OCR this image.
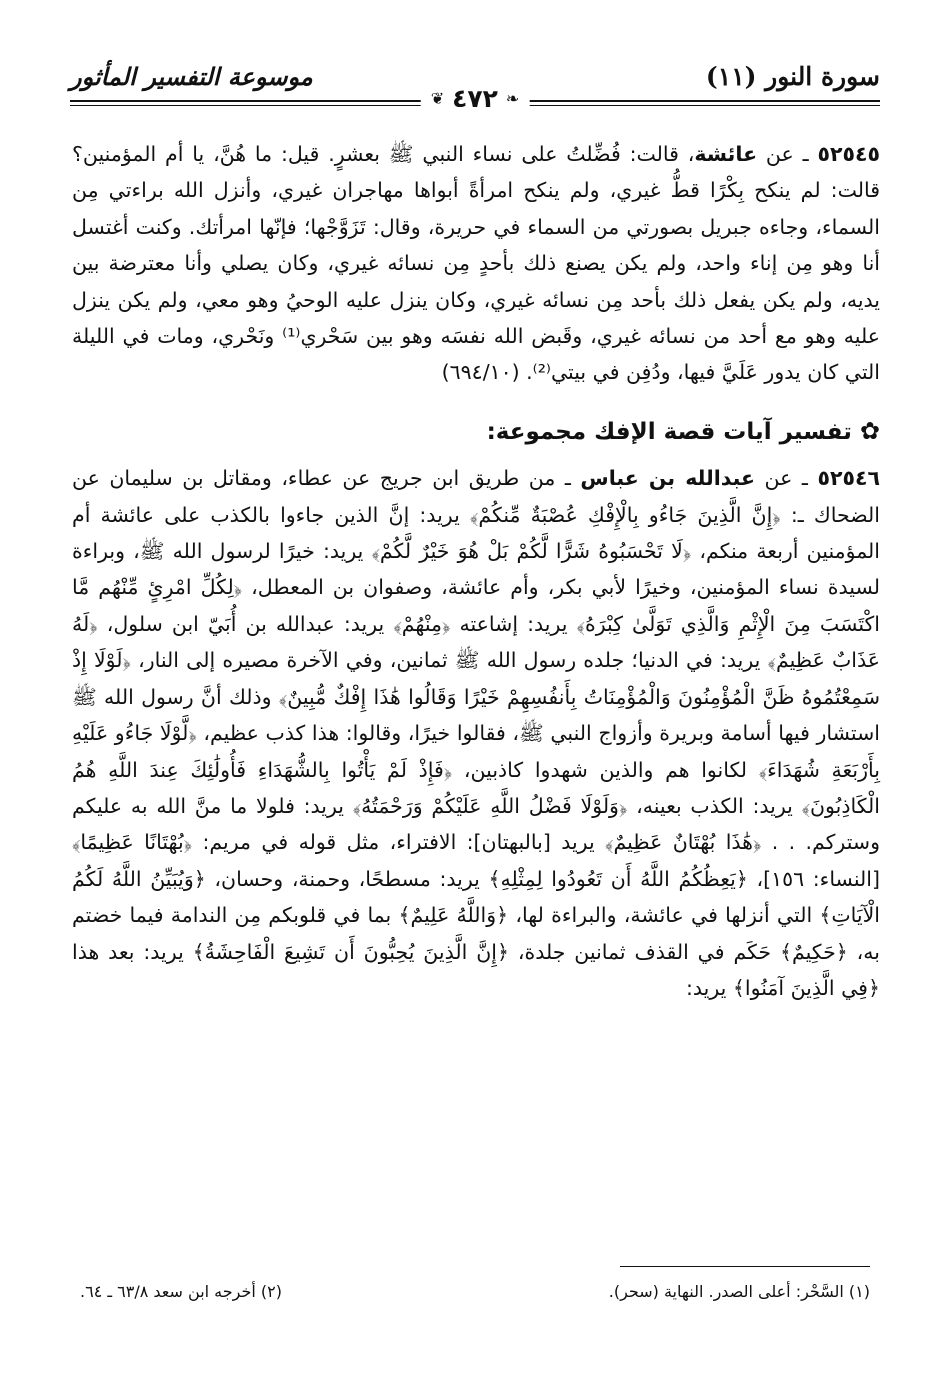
سورة النور (١١)
موسوعة التفسير المأثور
❦ ٤٧٢ ❧

٥٢٥٤٥ ـ عن عائشة، قالت: فُضِّلتُ على نساء النبي ﷺ بعشرٍ. قيل: ما هُنَّ، يا أم المؤمنين؟ قالت: لم ينكح بِكْرًا قطُّ غيري، ولم ينكح امرأةً أبواها مهاجران غيري، وأنزل الله براءتي مِن السماء، وجاءه جبريل بصورتي من السماء في حريرة، وقال: تَزَوَّجْها؛ فإنّها امرأتك. وكنت أغتسل أنا وهو مِن إناء واحد، ولم يكن يصنع ذلك بأحدٍ مِن نسائه غيري، وكان يصلي وأنا معترضة بين يديه، ولم يكن يفعل ذلك بأحد مِن نسائه غيري، وكان ينزل عليه الوحيُ وهو معي، ولم يكن ينزل عليه وهو مع أحد من نسائه غيري، وقَبض الله نفسَه وهو بين سَحْري⁽¹⁾ ونَحْري، ومات في الليلة التي كان يدور عَلَيَّ فيها، ودُفِن في بيتي⁽²⁾. (٦٩٤/١٠)

✿ تفسير آيات قصة الإفك مجموعة:

٥٢٥٤٦ ـ عن عبدالله بن عباس ـ من طريق ابن جريج عن عطاء، ومقاتل بن سليمان عن الضحاك ـ: ﴿إِنَّ الَّذِينَ جَاءُو بِالْإِفْكِ عُصْبَةٌ مِّنكُمْ﴾ يريد: إنَّ الذين جاءوا بالكذب على عائشة أم المؤمنين أربعة منكم، ﴿لَا تَحْسَبُوهُ شَرًّا لَّكُمْ بَلْ هُوَ خَيْرٌ لَّكُمْ﴾ يريد: خيرًا لرسول الله ﷺ، وبراءة لسيدة نساء المؤمنين، وخيرًا لأبي بكر، وأم عائشة، وصفوان بن المعطل، ﴿لِكُلِّ امْرِئٍ مِّنْهُم مَّا اكْتَسَبَ مِنَ الْإِثْمِ وَالَّذِي تَوَلَّىٰ كِبْرَهُ﴾ يريد: إشاعته ﴿مِنْهُمْ﴾ يريد: عبدالله بن أُبَيّ ابن سلول، ﴿لَهُ عَذَابٌ عَظِيمٌ﴾ يريد: في الدنيا؛ جلده رسول الله ﷺ ثمانين، وفي الآخرة مصيره إلى النار، ﴿لَوْلَا إِذْ سَمِعْتُمُوهُ ظَنَّ الْمُؤْمِنُونَ وَالْمُؤْمِنَاتُ بِأَنفُسِهِمْ خَيْرًا وَقَالُوا هَٰذَا إِفْكٌ مُّبِينٌ﴾ وذلك أنَّ رسول الله ﷺ استشار فيها أسامة وبريرة وأزواج النبي ﷺ، فقالوا خيرًا، وقالوا: هذا كذب عظيم، ﴿لَّوْلَا جَاءُو عَلَيْهِ بِأَرْبَعَةِ شُهَدَاءَ﴾ لكانوا هم والذين شهدوا كاذبين، ﴿فَإِذْ لَمْ يَأْتُوا بِالشُّهَدَاءِ فَأُولَٰئِكَ عِندَ اللَّهِ هُمُ الْكَاذِبُونَ﴾ يريد: الكذب بعينه، ﴿وَلَوْلَا فَضْلُ اللَّهِ عَلَيْكُمْ وَرَحْمَتُهُ﴾ يريد: فلولا ما منَّ الله به عليكم وستركم. . . ﴿هَٰذَا بُهْتَانٌ عَظِيمٌ﴾ يريد [بالبهتان]: الافتراء، مثل قوله في مريم: ﴿بُهْتَانًا عَظِيمًا﴾ [النساء: ١٥٦]، ﴿يَعِظُكُمُ اللَّهُ أَن تَعُودُوا لِمِثْلِهِ﴾ يريد: مسطحًا، وحمنة، وحسان، ﴿وَيُبَيِّنُ اللَّهُ لَكُمُ الْآيَاتِ﴾ التي أنزلها في عائشة، والبراءة لها، ﴿وَاللَّهُ عَلِيمٌ﴾ بما في قلوبكم مِن الندامة فيما خضتم به، ﴿حَكِيمٌ﴾ حَكَم في القذف ثمانين جلدة، ﴿إِنَّ الَّذِينَ يُحِبُّونَ أَن تَشِيعَ الْفَاحِشَةُ﴾ يريد: بعد هذا ﴿فِي الَّذِينَ آمَنُوا﴾ يريد:

(١) السَّحْر: أعلى الصدر. النهاية (سحر).
(٢) أخرجه ابن سعد ٦٣/٨ ـ ٦٤.
